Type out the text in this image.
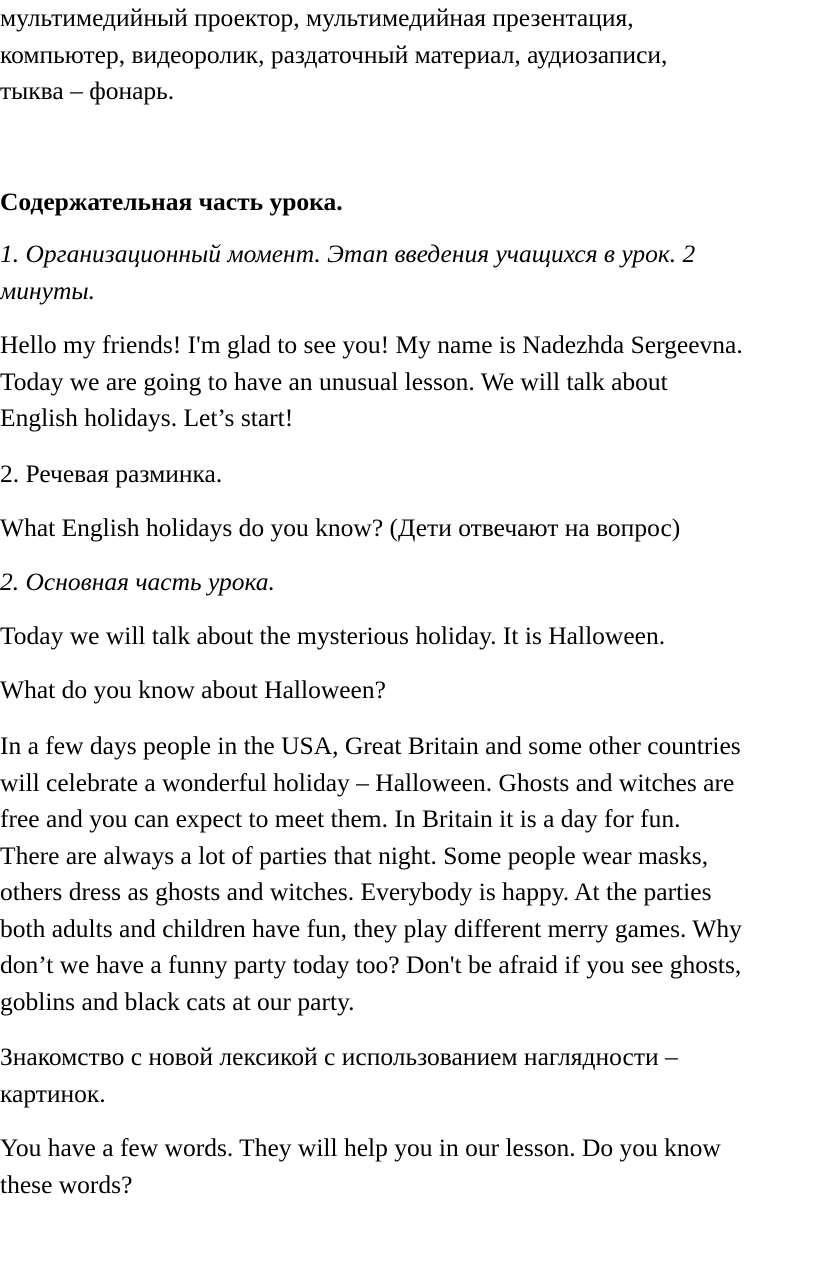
мультимедийный проектор, мультимедийная презентация,
компьютер, видеоролик, раздаточный материал, аудиозаписи,
тыква – фонарь.
Содержательная часть урока.
1. Организационный момент. Этап введения учащихся в урок. 2
минуты.
Hello my friends! I'm glad to see you! My name is Nadezhda Sergeevna.
Today we are going to have an unusual lesson. We will talk about
English holidays. Let’s start!
2. Речевая разминка.
What English holidays do you know? (Дети отвечают на вопрос)
2. Основная часть урока.
Today we will talk about the mysterious holiday. It is Halloween.
What do you know about Halloween?
In a few days people in the USA, Great Britain and some other countries
will celebrate a wonderful holiday – Halloween. Ghosts and witches are
free and you can expect to meet them. In Britain it is a day for fun.
There are always a lot of parties that night. Some people wear masks,
others dress as ghosts and witches. Everybody is happy. At the parties
both adults and children have fun, they play different merry games. Why
don’t we have a funny party today too? Don't be afraid if you see ghosts,
goblins and black cats at our party.
Знакомство с новой лексикой с использованием наглядности –
картинок.
You have a few words. They will help you in our lesson. Do you know
these words?
